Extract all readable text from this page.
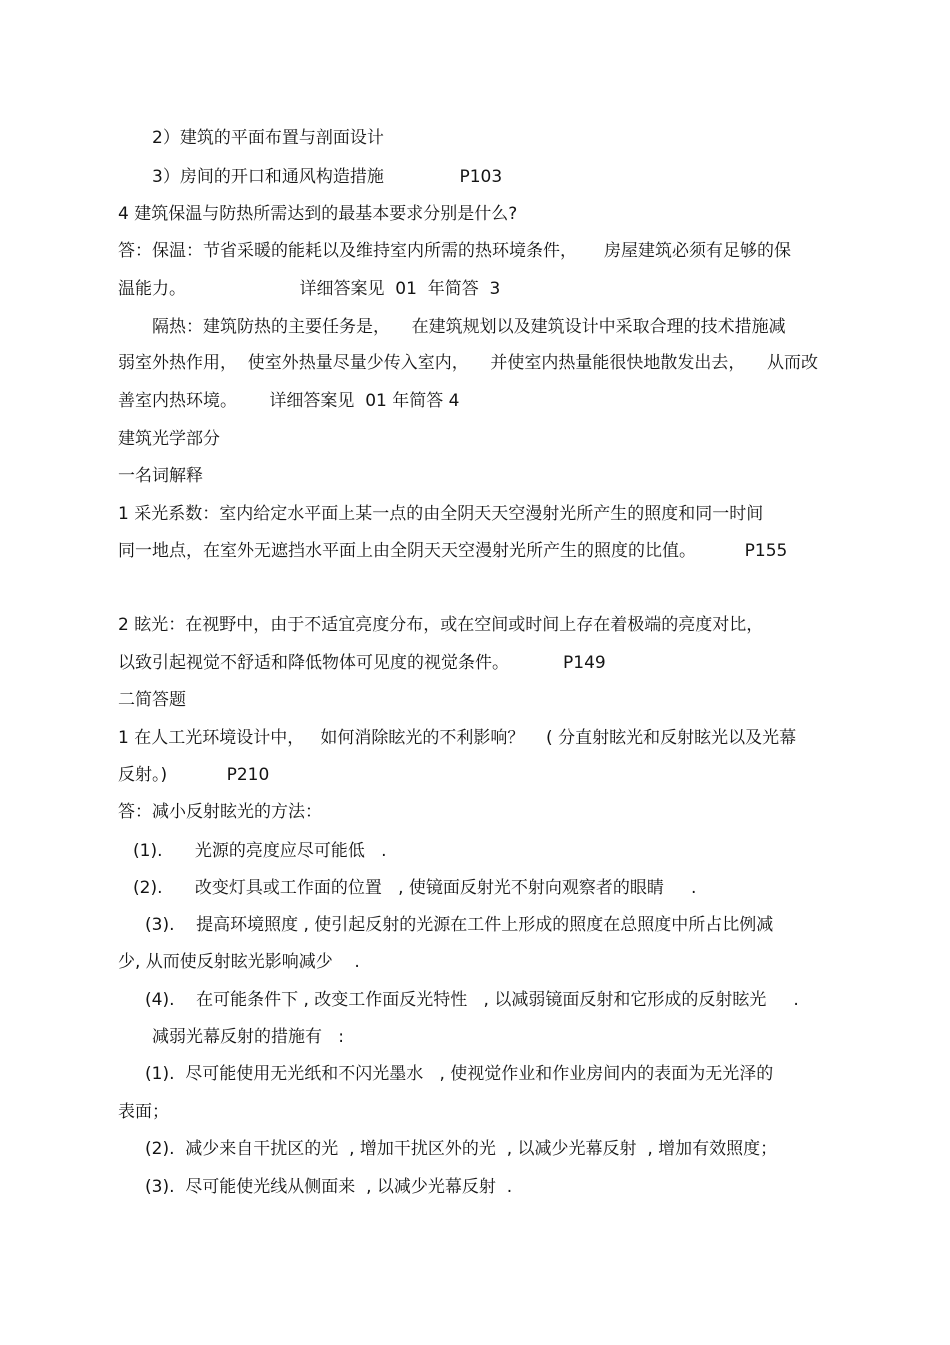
2）建筑的平面布置与剖面设计
3）房间的开口和通风构造措施              P103
4 建筑保温与防热所需达到的最基本要求分别是什么?
答：保温：节省采暖的能耗以及维持室内所需的热环境条件，     房屋建筑必须有足够的保
温能力。                     详细答案见  01  年简答  3
隔热：建筑防热的主要任务是，    在建筑规划以及建筑设计中采取合理的技术措施减
弱室外热作用，  使室外热量尽量少传入室内，    并使室内热量能很快地散发出去，    从而改
善室内热环境。      详细答案见  01 年简答 4
建筑光学部分
一名词解释
1 采光系数：室内给定水平面上某一点的由全阴天天空漫射光所产生的照度和同一时间
同一地点，在室外无遮挡水平面上由全阴天天空漫射光所产生的照度的比值。         P155
2 眩光：在视野中，由于不适宜亮度分布，或在空间或时间上存在着极端的亮度对比，
以致引起视觉不舒适和降低物体可见度的视觉条件。          P149
二简答题
1 在人工光环境设计中，   如何消除眩光的不利影响？    ( 分直射眩光和反射眩光以及光幕
反射。)           P210
答：减小反射眩光的方法：
(1).      光源的亮度应尽可能低   .
(2).      改变灯具或工作面的位置   , 使镜面反射光不射向观察者的眼睛     .
(3).    提高环境照度 , 使引起反射的光源在工件上形成的照度在总照度中所占比例减
少, 从而使反射眩光影响减少    .
(4).    在可能条件下 , 改变工作面反光特性   , 以减弱镜面反射和它形成的反射眩光     .
减弱光幕反射的措施有   :
(1).  尽可能使用无光纸和不闪光墨水   , 使视觉作业和作业房间内的表面为无光泽的
表面；
(2).  减少来自干扰区的光  , 增加干扰区外的光  , 以减少光幕反射  , 增加有效照度；
(3).  尽可能使光线从侧面来  , 以减少光幕反射  .
